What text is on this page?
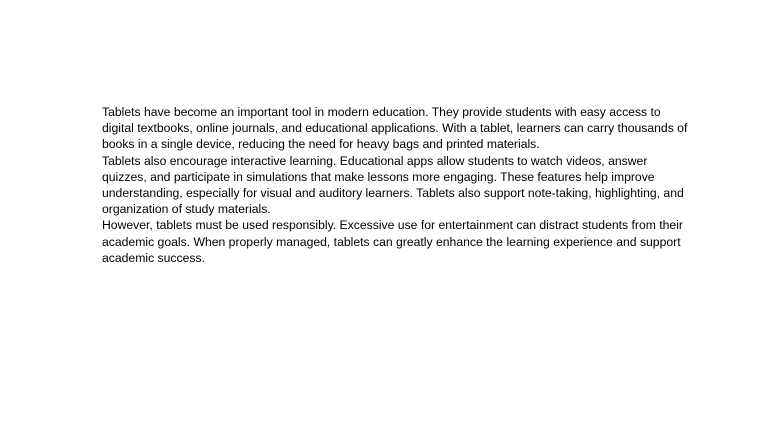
Tablets have become an important tool in modern education. They provide students with easy access to digital textbooks, online journals, and educational applications. With a tablet, learners can carry thousands of books in a single device, reducing the need for heavy bags and printed materials.

Tablets also encourage interactive learning. Educational apps allow students to watch videos, answer quizzes, and participate in simulations that make lessons more engaging. These features help improve understanding, especially for visual and auditory learners. Tablets also support note-taking, highlighting, and organization of study materials.

However, tablets must be used responsibly. Excessive use for entertainment can distract students from their academic goals. When properly managed, tablets can greatly enhance the learning experience and support academic success.
